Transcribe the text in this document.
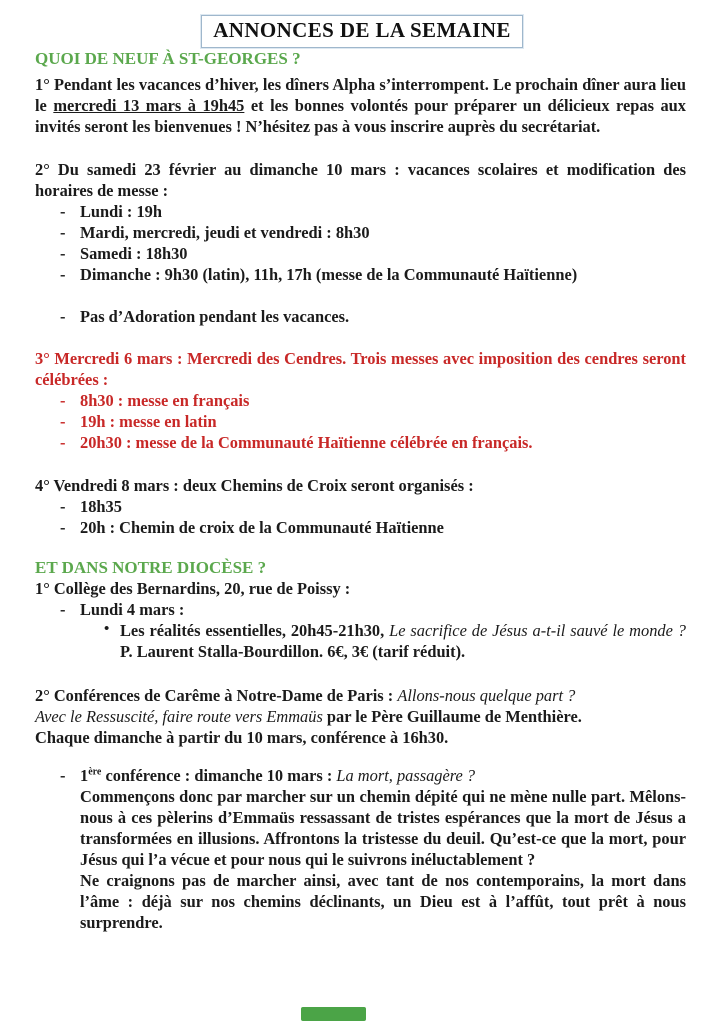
ANNONCES DE LA SEMAINE
QUOI DE NEUF À ST-GEORGES ?

1° Pendant les vacances d’hiver, les dîners Alpha s’interrompent. Le prochain dîner aura lieu le mercredi 13 mars à 19h45 et les bonnes volontés pour préparer un délicieux repas aux invités seront les bienvenues ! N’hésitez pas à vous inscrire auprès du secrétariat.

2° Du samedi 23 février au dimanche 10 mars : vacances scolaires et modification des horaires de messe :

- Lundi : 19h
- Mardi, mercredi, jeudi et vendredi : 8h30
- Samedi : 18h30
- Dimanche : 9h30 (latin), 11h, 17h (messe de la Communauté Haïtienne)
- Pas d’Adoration pendant les vacances.

3° Mercredi 6 mars : Mercredi des Cendres. Trois messes avec imposition des cendres seront célébrées :

- 8h30 : messe en français
- 19h : messe en latin
- 20h30 : messe de la Communauté Haïtienne célébrée en français.

4° Vendredi 8 mars : deux Chemins de Croix seront organisés :

- 18h35
- 20h : Chemin de croix de la Communauté Haïtienne
ET DANS NOTRE DIOCÈSE ?

1° Collège des Bernardins, 20, rue de Poissy :

- Lundi 4 mars :
• Les réalités essentielles, 20h45-21h30, Le sacrifice de Jésus a-t-il sauvé le monde ? P. Laurent Stalla-Bourdillon. 6€, 3€ (tarif réduit).

2° Conférences de Carême à Notre-Dame de Paris : Allons-nous quelque part ?
Avec le Ressuscité, faire route vers Emmaüs par le Père Guillaume de Menthière.
Chaque dimanche à partir du 10 mars, conférence à 16h30.

- 1ère conférence : dimanche 10 mars : La mort, passagère ?

Commençons donc par marcher sur un chemin dépité qui ne mène nulle part. Mêlons-nous à ces pèlerins d’Emmaüs ressassant de tristes espérances que la mort de Jésus a transformées en illusions. Affrontons la tristesse du deuil. Qu’est-ce que la mort, pour Jésus qui l’a vécue et pour nous qui le suivrons inéluctablement ?

Ne craignons pas de marcher ainsi, avec tant de nos contemporains, la mort dans l’âme : déjà sur nos chemins déclinants, un Dieu est à l’affût, tout prêt à nous surprendre.
